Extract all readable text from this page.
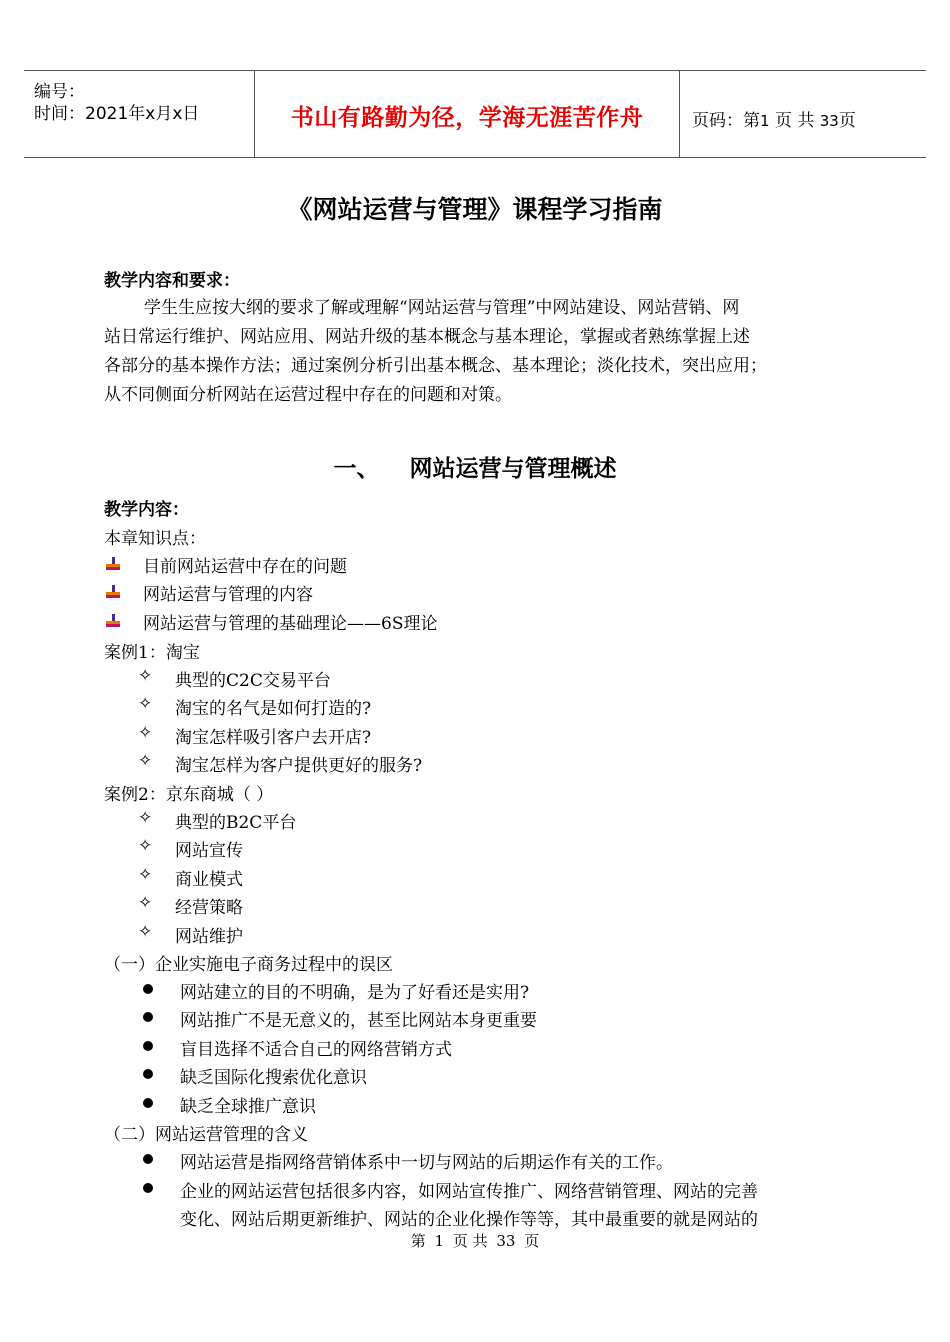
编号：
时间：2021年x月x日	书山有路勤为径，学海无涯苦作舟	页码：第1 页 共 33页
《网站运营与管理》课程学习指南
教学内容和要求：
学生生应按大纲的要求了解或理解“网站运营与管理”中网站建设、网站营销、网
站日常运行维护、网站应用、网站升级的基本概念与基本理论，掌握或者熟练掌握上述
各部分的基本操作方法；通过案例分析引出基本概念、基本理论；淡化技术，突出应用；
从不同侧面分析网站在运营过程中存在的问题和对策。
一、 网站运营与管理概述
教学内容：
本章知识点：
目前网站运营中存在的问题
网站运营与管理的内容
网站运营与管理的基础理论——6S理论
案例1：淘宝
✧ 典型的C2C交易平台
✧ 淘宝的名气是如何打造的?
✧ 淘宝怎样吸引客户去开店?
✧ 淘宝怎样为客户提供更好的服务?
案例2：京东商城（ ）
✧ 典型的B2C平台
✧ 网站宣传
✧ 商业模式
✧ 经营策略
✧ 网站维护
（一）企业实施电子商务过程中的误区
网站建立的目的不明确，是为了好看还是实用?
网站推广不是无意义的，甚至比网站本身更重要
盲目选择不适合自己的网络营销方式
缺乏国际化搜索优化意识
缺乏全球推广意识
（二）网站运营管理的含义
网站运营是指网络营销体系中一切与网站的后期运作有关的工作。
企业的网站运营包括很多内容，如网站宣传推广、网络营销管理、网站的完善
变化、网站后期更新维护、网站的企业化操作等等，其中最重要的就是网站的
第 1 页 共 33 页
